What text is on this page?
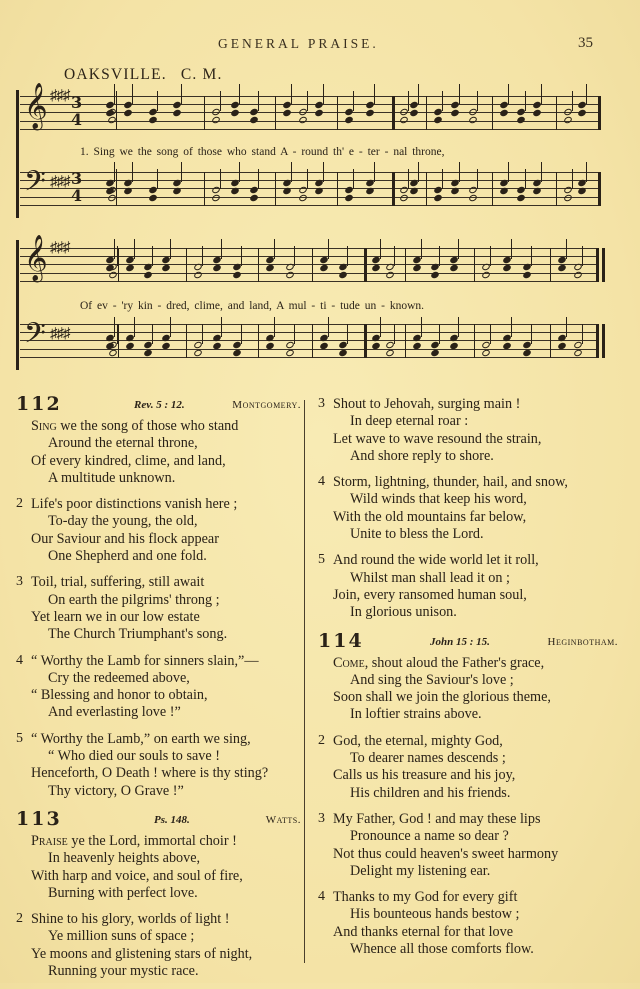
GENERAL PRAISE.	35
OAKSVILLE. C. M.
𝄞 ♯♯♯ 3
4
1. Sing we the song of those who stand A - round th' e - ter - nal throne,
𝄢 ♯♯♯ 3
4
𝄞 ♯♯♯
Of ev - 'ry kin - dred, clime, and land, A mul - ti - tude un - known.
𝄢 ♯♯♯
112	Rev. 5 : 12.	Montgomery.
Sing we the song of those who stand
Around the eternal throne,
Of every kindred, clime, and land,
A multitude unknown.
2 Life's poor distinctions vanish here ;
To-day the young, the old,
Our Saviour and his flock appear
One Shepherd and one fold.
3 Toil, trial, suffering, still await
On earth the pilgrims' throng ;
Yet learn we in our low estate
The Church Triumphant's song.
4 “ Worthy the Lamb for sinners slain,”—
Cry the redeemed above,
“ Blessing and honor to obtain,
And everlasting love !”
5 “ Worthy the Lamb,” on earth we sing,
“ Who died our souls to save !
Henceforth, O Death ! where is thy sting?
Thy victory, O Grave !”
113	Ps. 148.	Watts.
Praise ye the Lord, immortal choir !
In heavenly heights above,
With harp and voice, and soul of fire,
Burning with perfect love.
2 Shine to his glory, worlds of light !
Ye million suns of space ;
Ye moons and glistening stars of night,
Running your mystic race.
3 Shout to Jehovah, surging main !
In deep eternal roar :
Let wave to wave resound the strain,
And shore reply to shore.
4 Storm, lightning, thunder, hail, and snow,
Wild winds that keep his word,
With the old mountains far below,
Unite to bless the Lord.
5 And round the wide world let it roll,
Whilst man shall lead it on ;
Join, every ransomed human soul,
In glorious unison.
114	John 15 : 15.	Heginbotham.
Come, shout aloud the Father's grace,
And sing the Saviour's love ;
Soon shall we join the glorious theme,
In loftier strains above.
2 God, the eternal, mighty God,
To dearer names descends ;
Calls us his treasure and his joy,
His children and his friends.
3 My Father, God ! and may these lips
Pronounce a name so dear ?
Not thus could heaven's sweet harmony
Delight my listening ear.
4 Thanks to my God for every gift
His bounteous hands bestow ;
And thanks eternal for that love
Whence all those comforts flow.
